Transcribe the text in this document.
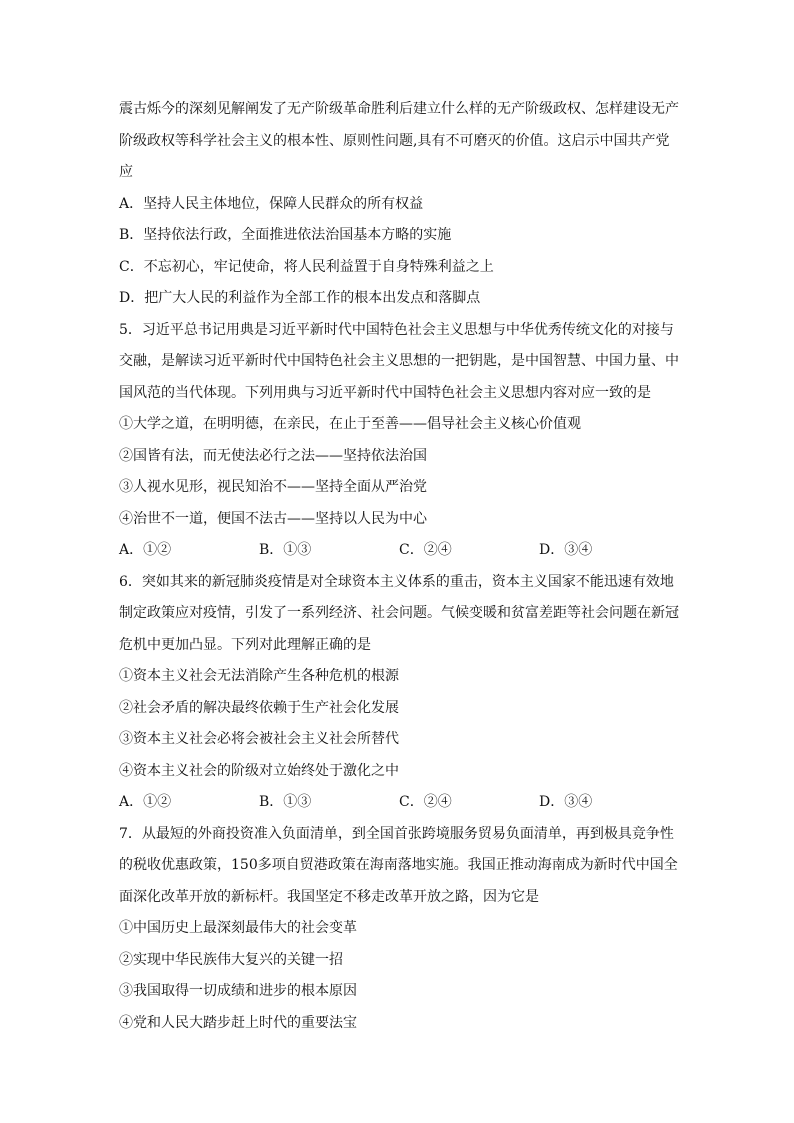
震古烁今的深刻见解阐发了无产阶级革命胜利后建立什么样的无产阶级政权、怎样建设无产
阶级政权等科学社会主义的根本性、原则性问题,具有不可磨灭的价值。这启示中国共产党
应
A．坚持人民主体地位，保障人民群众的所有权益
B．坚持依法行政，全面推进依法治国基本方略的实施
C．不忘初心，牢记使命，将人民利益置于自身特殊利益之上
D．把广大人民的利益作为全部工作的根本出发点和落脚点
5．习近平总书记用典是习近平新时代中国特色社会主义思想与中华优秀传统文化的对接与
交融，是解读习近平新时代中国特色社会主义思想的一把钥匙，是中国智慧、中国力量、中
国风范的当代体现。下列用典与习近平新时代中国特色社会主义思想内容对应一致的是
①大学之道，在明明德，在亲民，在止于至善——倡导社会主义核心价值观
②国皆有法，而无使法必行之法——坚持依法治国
③人视水见形，视民知治不——坚持全面从严治党
④治世不一道，便国不法古——坚持以人民为中心
A．①②	B．①③	C．②④	D．③④
6．突如其来的新冠肺炎疫情是对全球资本主义体系的重击，资本主义国家不能迅速有效地
制定政策应对疫情，引发了一系列经济、社会问题。气候变暖和贫富差距等社会问题在新冠
危机中更加凸显。下列对此理解正确的是
①资本主义社会无法消除产生各种危机的根源
②社会矛盾的解决最终依赖于生产社会化发展
③资本主义社会必将会被社会主义社会所替代
④资本主义社会的阶级对立始终处于激化之中
A．①②	B．①③	C．②④	D．③④
7．从最短的外商投资准入负面清单，到全国首张跨境服务贸易负面清单，再到极具竞争性
的税收优惠政策，150多项自贸港政策在海南落地实施。我国正推动海南成为新时代中国全
面深化改革开放的新标杆。我国坚定不移走改革开放之路，因为它是
①中国历史上最深刻最伟大的社会变革
②实现中华民族伟大复兴的关键一招
③我国取得一切成绩和进步的根本原因
④党和人民大踏步赶上时代的重要法宝
